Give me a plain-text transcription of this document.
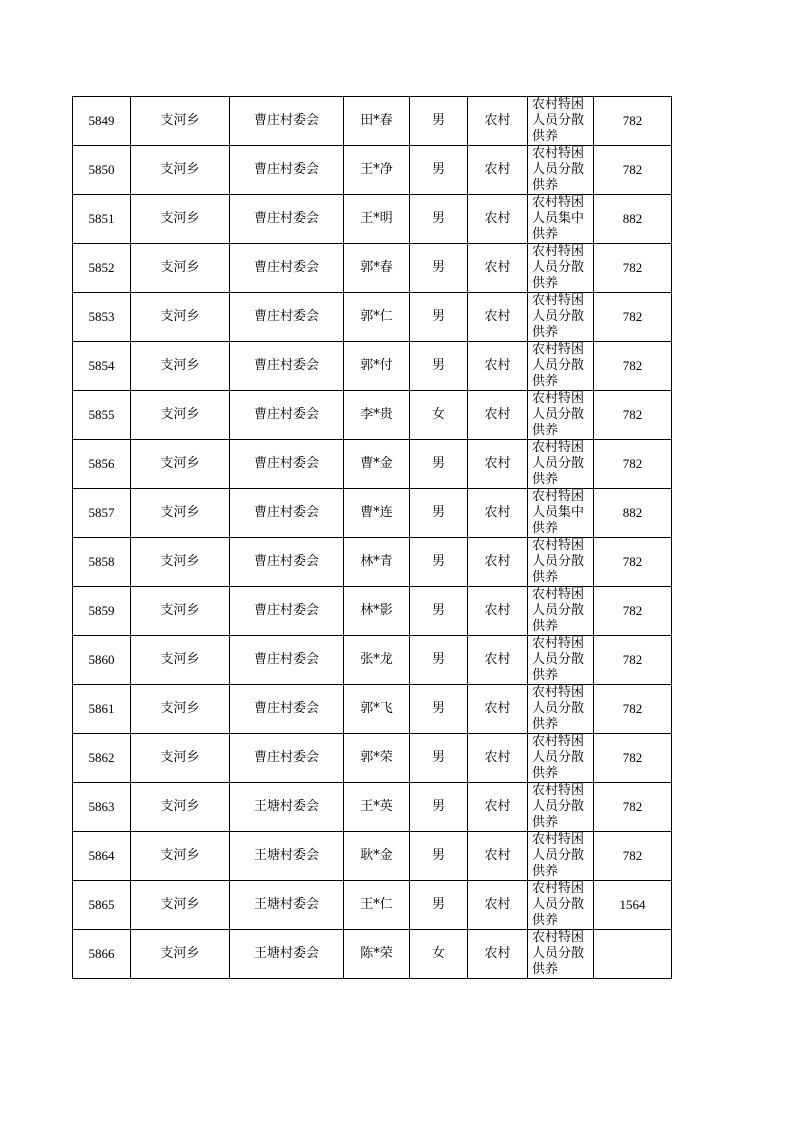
5849	支河乡	曹庄村委会	田*春	男	农村	农村特困人员分散供养	782
5850	支河乡	曹庄村委会	王*净	男	农村	农村特困人员分散供养	782
5851	支河乡	曹庄村委会	王*明	男	农村	农村特困人员集中供养	882
5852	支河乡	曹庄村委会	郭*春	男	农村	农村特困人员分散供养	782
5853	支河乡	曹庄村委会	郭*仁	男	农村	农村特困人员分散供养	782
5854	支河乡	曹庄村委会	郭*付	男	农村	农村特困人员分散供养	782
5855	支河乡	曹庄村委会	李*贵	女	农村	农村特困人员分散供养	782
5856	支河乡	曹庄村委会	曹*金	男	农村	农村特困人员分散供养	782
5857	支河乡	曹庄村委会	曹*连	男	农村	农村特困人员集中供养	882
5858	支河乡	曹庄村委会	林*青	男	农村	农村特困人员分散供养	782
5859	支河乡	曹庄村委会	林*影	男	农村	农村特困人员分散供养	782
5860	支河乡	曹庄村委会	张*龙	男	农村	农村特困人员分散供养	782
5861	支河乡	曹庄村委会	郭*飞	男	农村	农村特困人员分散供养	782
5862	支河乡	曹庄村委会	郭*荣	男	农村	农村特困人员分散供养	782
5863	支河乡	王塘村委会	王*英	男	农村	农村特困人员分散供养	782
5864	支河乡	王塘村委会	耿*金	男	农村	农村特困人员分散供养	782
5865	支河乡	王塘村委会	王*仁	男	农村	农村特困人员分散供养	1564
5866	支河乡	王塘村委会	陈*荣	女	农村	农村特困人员分散供养	
